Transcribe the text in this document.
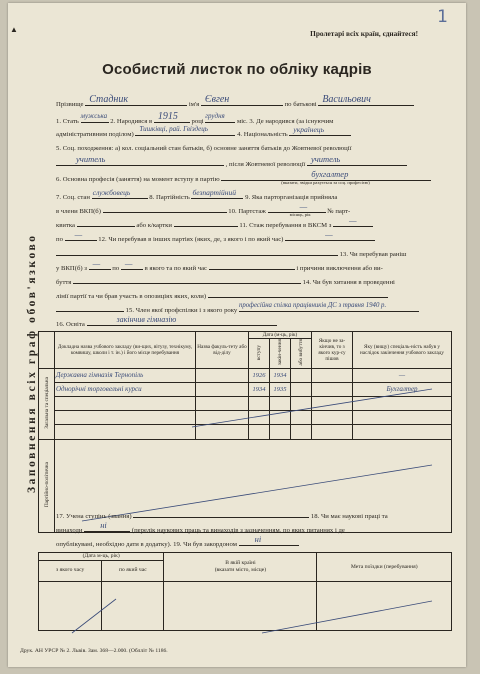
▲
1
Пролетарі всіх країн, єднайтеся!
Особистий листок по обліку кадрів
Заповнення всіх граф обов'язково
Прізвище Стадник	ім'я Євген	по батькові Васильович
1. Стать
мужська
2. Народився в 1915 році
грудня
міс. 3. Де народився (за існуючим
адміністративним поділом)
Тишківці, рай. Гвіздець
4. Національність
українець
5. Соц. походження: а) кол. соціальний стан батьків, б) основне заняття батьків до Жовтневої революції
учитель
, після Жовтневої революції
учитель
6. Основна професія (заняття) на момент вступу в партію
бухгалтер
(вказати, звідки рахується за соц. професією)
7. Соц. стан
службовець
8. Партійність
безпартійний
9. Яка парторганізація прийняла
в члени ВКП(б)	10. Партстаж
—
місяць, рік № парт-
квитка	або к/картки	11. Стаж перебування в ВКСМ з
—
по
—
12. Чи перебував в інших партіях (яких, де, з якого і по який час)
—
13. Чи перебував раніш
у ВКП(б) з
—
по
—
в якого та по який час	і причини виключення або ви-
буття	14. Чи був хитання в проведенні
лінії партії та чи брав участь в опозиціях яких, коли)
15. Член якої профспілки і з якого року
професійна спілка працівників ДС з травня 1940 р.
16. Освіта
закінчив гімназію
	Докладна назва учбового закладу (ви-щих, вітузу, технікуму, комвишу, школи і т. ін.) і його місце перебування	Назва факуль-тету або від-ділу	Дата (м-ць, рік)			Якщо не за-кінчив, то з якого кур-су пішов	Яку (вищу) спеціаль-ність набув у наслідок закінчення учбового закладу
			вступу	закін-чення	або вибуття		
Загальна та спеціальна	Державна гімназія Тернопіль		1926	1934			—
	Однорічні торговельні курси		1934	1935			Бухгалтер

Партійно-політична							
17. Учена ступінь (звання)	18. Чи має наукові праці та
винаходи
ні
(перелік наукових праць та винаходів з зазначенням, по яких питаннях і де
опублікувані, необхідно дати в додатку). 19. Чи був закордоном
ні
(Дата м-ць, рік)		В якій країні
(вказати місто, місце)	Мета поїздки (перебування)
з якого часу	по який час		

Друк. АН УРСР № 2. Львів. Зам. 368—2.000. (Облліт № 1186.
